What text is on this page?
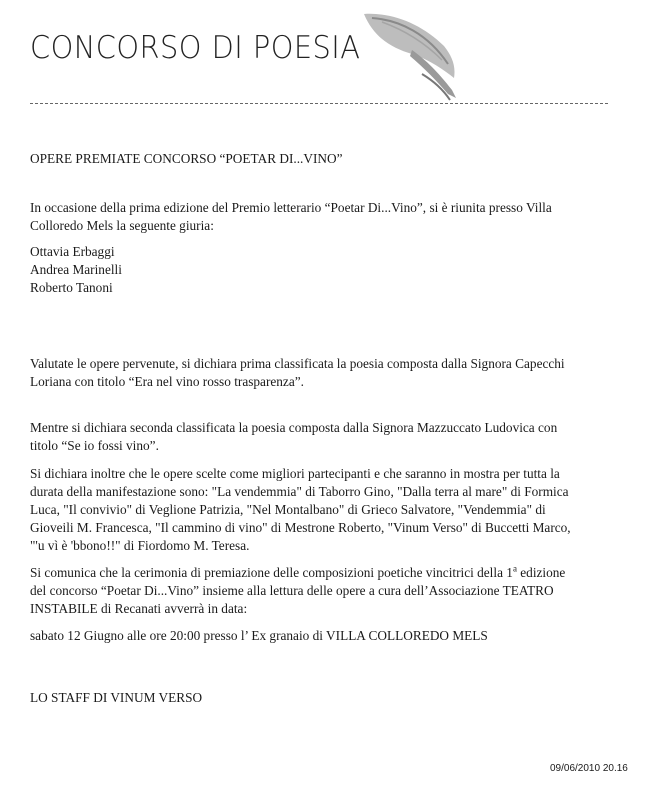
CONCORSO DI POESIA
OPERE PREMIATE CONCORSO “POETAR DI...VINO”
In occasione della prima edizione del Premio letterario “Poetar Di...Vino”, si è riunita presso Villa
Colloredo Mels la seguente giuria:
Ottavia Erbaggi
Andrea Marinelli
Roberto Tanoni
Valutate le opere pervenute, si dichiara prima classificata la poesia composta dalla Signora Capecchi
Loriana con titolo “Era nel vino rosso trasparenza”.
Mentre si dichiara seconda classificata la poesia composta dalla Signora Mazzuccato Ludovica con
titolo “Se io fossi vino”.
Si dichiara inoltre che le opere scelte come migliori partecipanti e che saranno in mostra per tutta la
durata della manifestazione sono: "La vendemmia" di Taborro Gino, "Dalla terra al mare" di Formica
Luca, "Il convivio" di Veglione Patrizia, "Nel Montalbano" di Grieco Salvatore, "Vendemmia" di
Gioveili M. Francesca, "Il cammino di vino" di Mestrone Roberto, "Vinum Verso" di Buccetti Marco,
"'u vì è 'bbono!!" di Fiordomo M. Teresa.
Si comunica che la cerimonia di premiazione delle composizioni poetiche vincitrici della 1$^a$ edizione
del concorso “Poetar Di...Vino” insieme alla lettura delle opere a cura dell’Associazione TEATRO
INSTABILE di Recanati avverrà in data:
sabato 12 Giugno alle ore 20:00 presso l’ Ex granaio di VILLA COLLOREDO MELS
LO STAFF DI VINUM VERSO
09/06/2010 20.16
